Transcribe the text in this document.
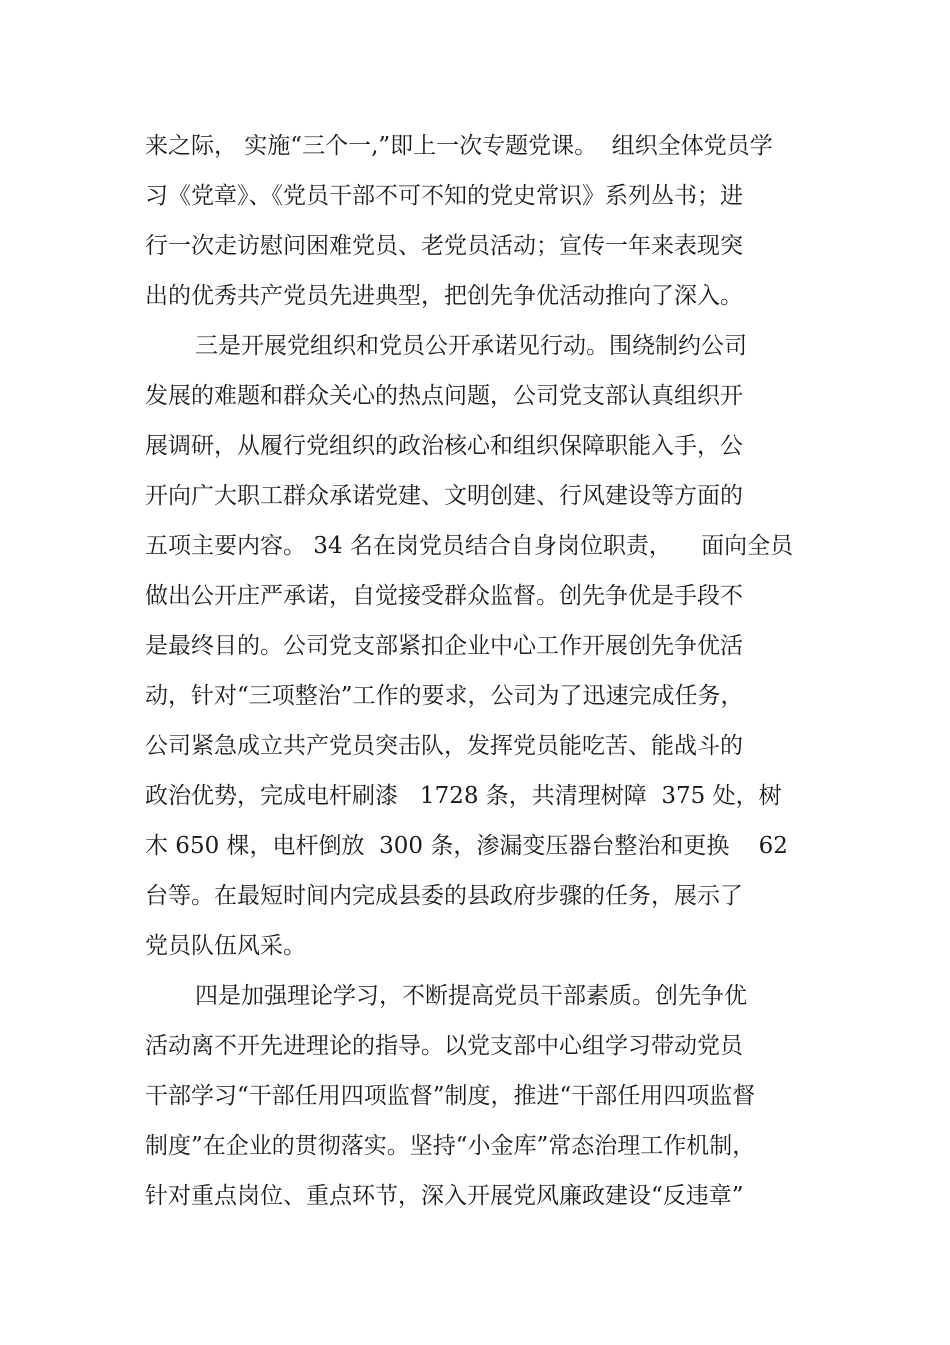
来之际， 实施“三个一,”即上一次专题党课。  组织全体党员学
习《党章》、《党员干部不可不知的党史常识》系列丛书；进
行一次走访慰问困难党员、老党员活动；宣传一年来表现突
出的优秀共产党员先进典型，把创先争优活动推向了深入。
三是开展党组织和党员公开承诺见行动。围绕制约公司
发展的难题和群众关心的热点问题，公司党支部认真组织开
展调研，从履行党组织的政治核心和组织保障职能入手，公
开向广大职工群众承诺党建、文明创建、行风建设等方面的
五项主要内容。 34 名在岗党员结合自身岗位职责，    面向全员
做出公开庄严承诺，自觉接受群众监督。创先争优是手段不
是最终目的。公司党支部紧扣企业中心工作开展创先争优活
动，针对“三项整治”工作的要求，公司为了迅速完成任务，
公司紧急成立共产党员突击队，发挥党员能吃苦、能战斗的
政治优势，完成电杆刷漆   1728 条，共清理树障  375 处，树
木 650 棵，电杆倒放  300 条，渗漏变压器台整治和更换    62
台等。在最短时间内完成县委的县政府步骤的任务，展示了
党员队伍风采。
四是加强理论学习，不断提高党员干部素质。创先争优
活动离不开先进理论的指导。以党支部中心组学习带动党员
干部学习“干部任用四项监督”制度，推进“干部任用四项监督
制度”在企业的贯彻落实。坚持“小金库”常态治理工作机制，
针对重点岗位、重点环节，深入开展党风廉政建设“反违章”
